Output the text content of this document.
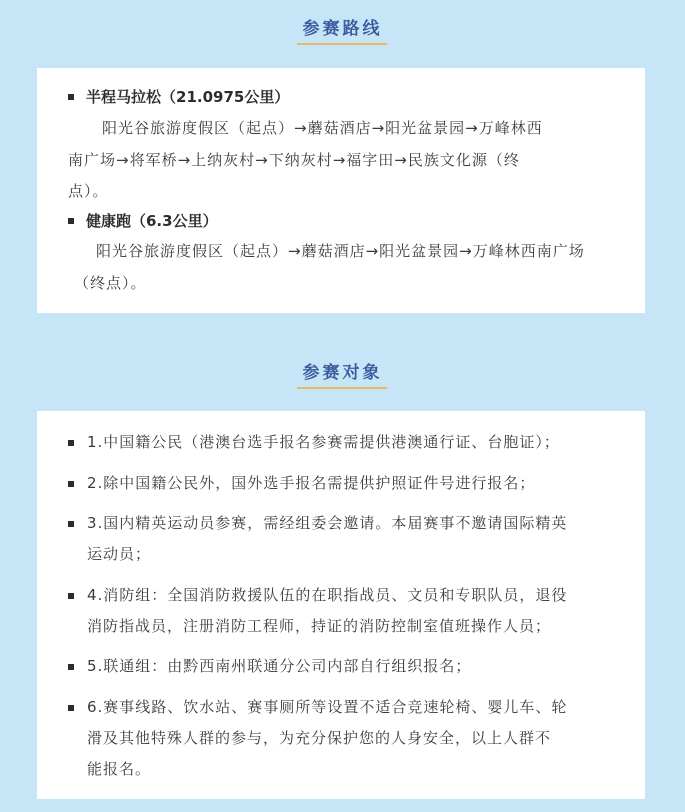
参赛路线
半程马拉松（21.0975公里）
阳光谷旅游度假区（起点）→蘑菇酒店→阳光盆景园→万峰林西
南广场→将军桥→上纳灰村→下纳灰村→福字田→民族文化源（终
点）。
健康跑（6.3公里）
阳光谷旅游度假区（起点）→蘑菇酒店→阳光盆景园→万峰林西南广场
（终点）。
参赛对象
1.中国籍公民（港澳台选手报名参赛需提供港澳通行证、台胞证）；
2.除中国籍公民外，国外选手报名需提供护照证件号进行报名；
3.国内精英运动员参赛，需经组委会邀请。本届赛事不邀请国际精英
运动员；
4.消防组：全国消防救援队伍的在职指战员、文员和专职队员，退役
消防指战员，注册消防工程师，持证的消防控制室值班操作人员；
5.联通组：由黔西南州联通分公司内部自行组织报名；
6.赛事线路、饮水站、赛事厕所等设置不适合竞速轮椅、婴儿车、轮
滑及其他特殊人群的参与，为充分保护您的人身安全，以上人群不
能报名。
